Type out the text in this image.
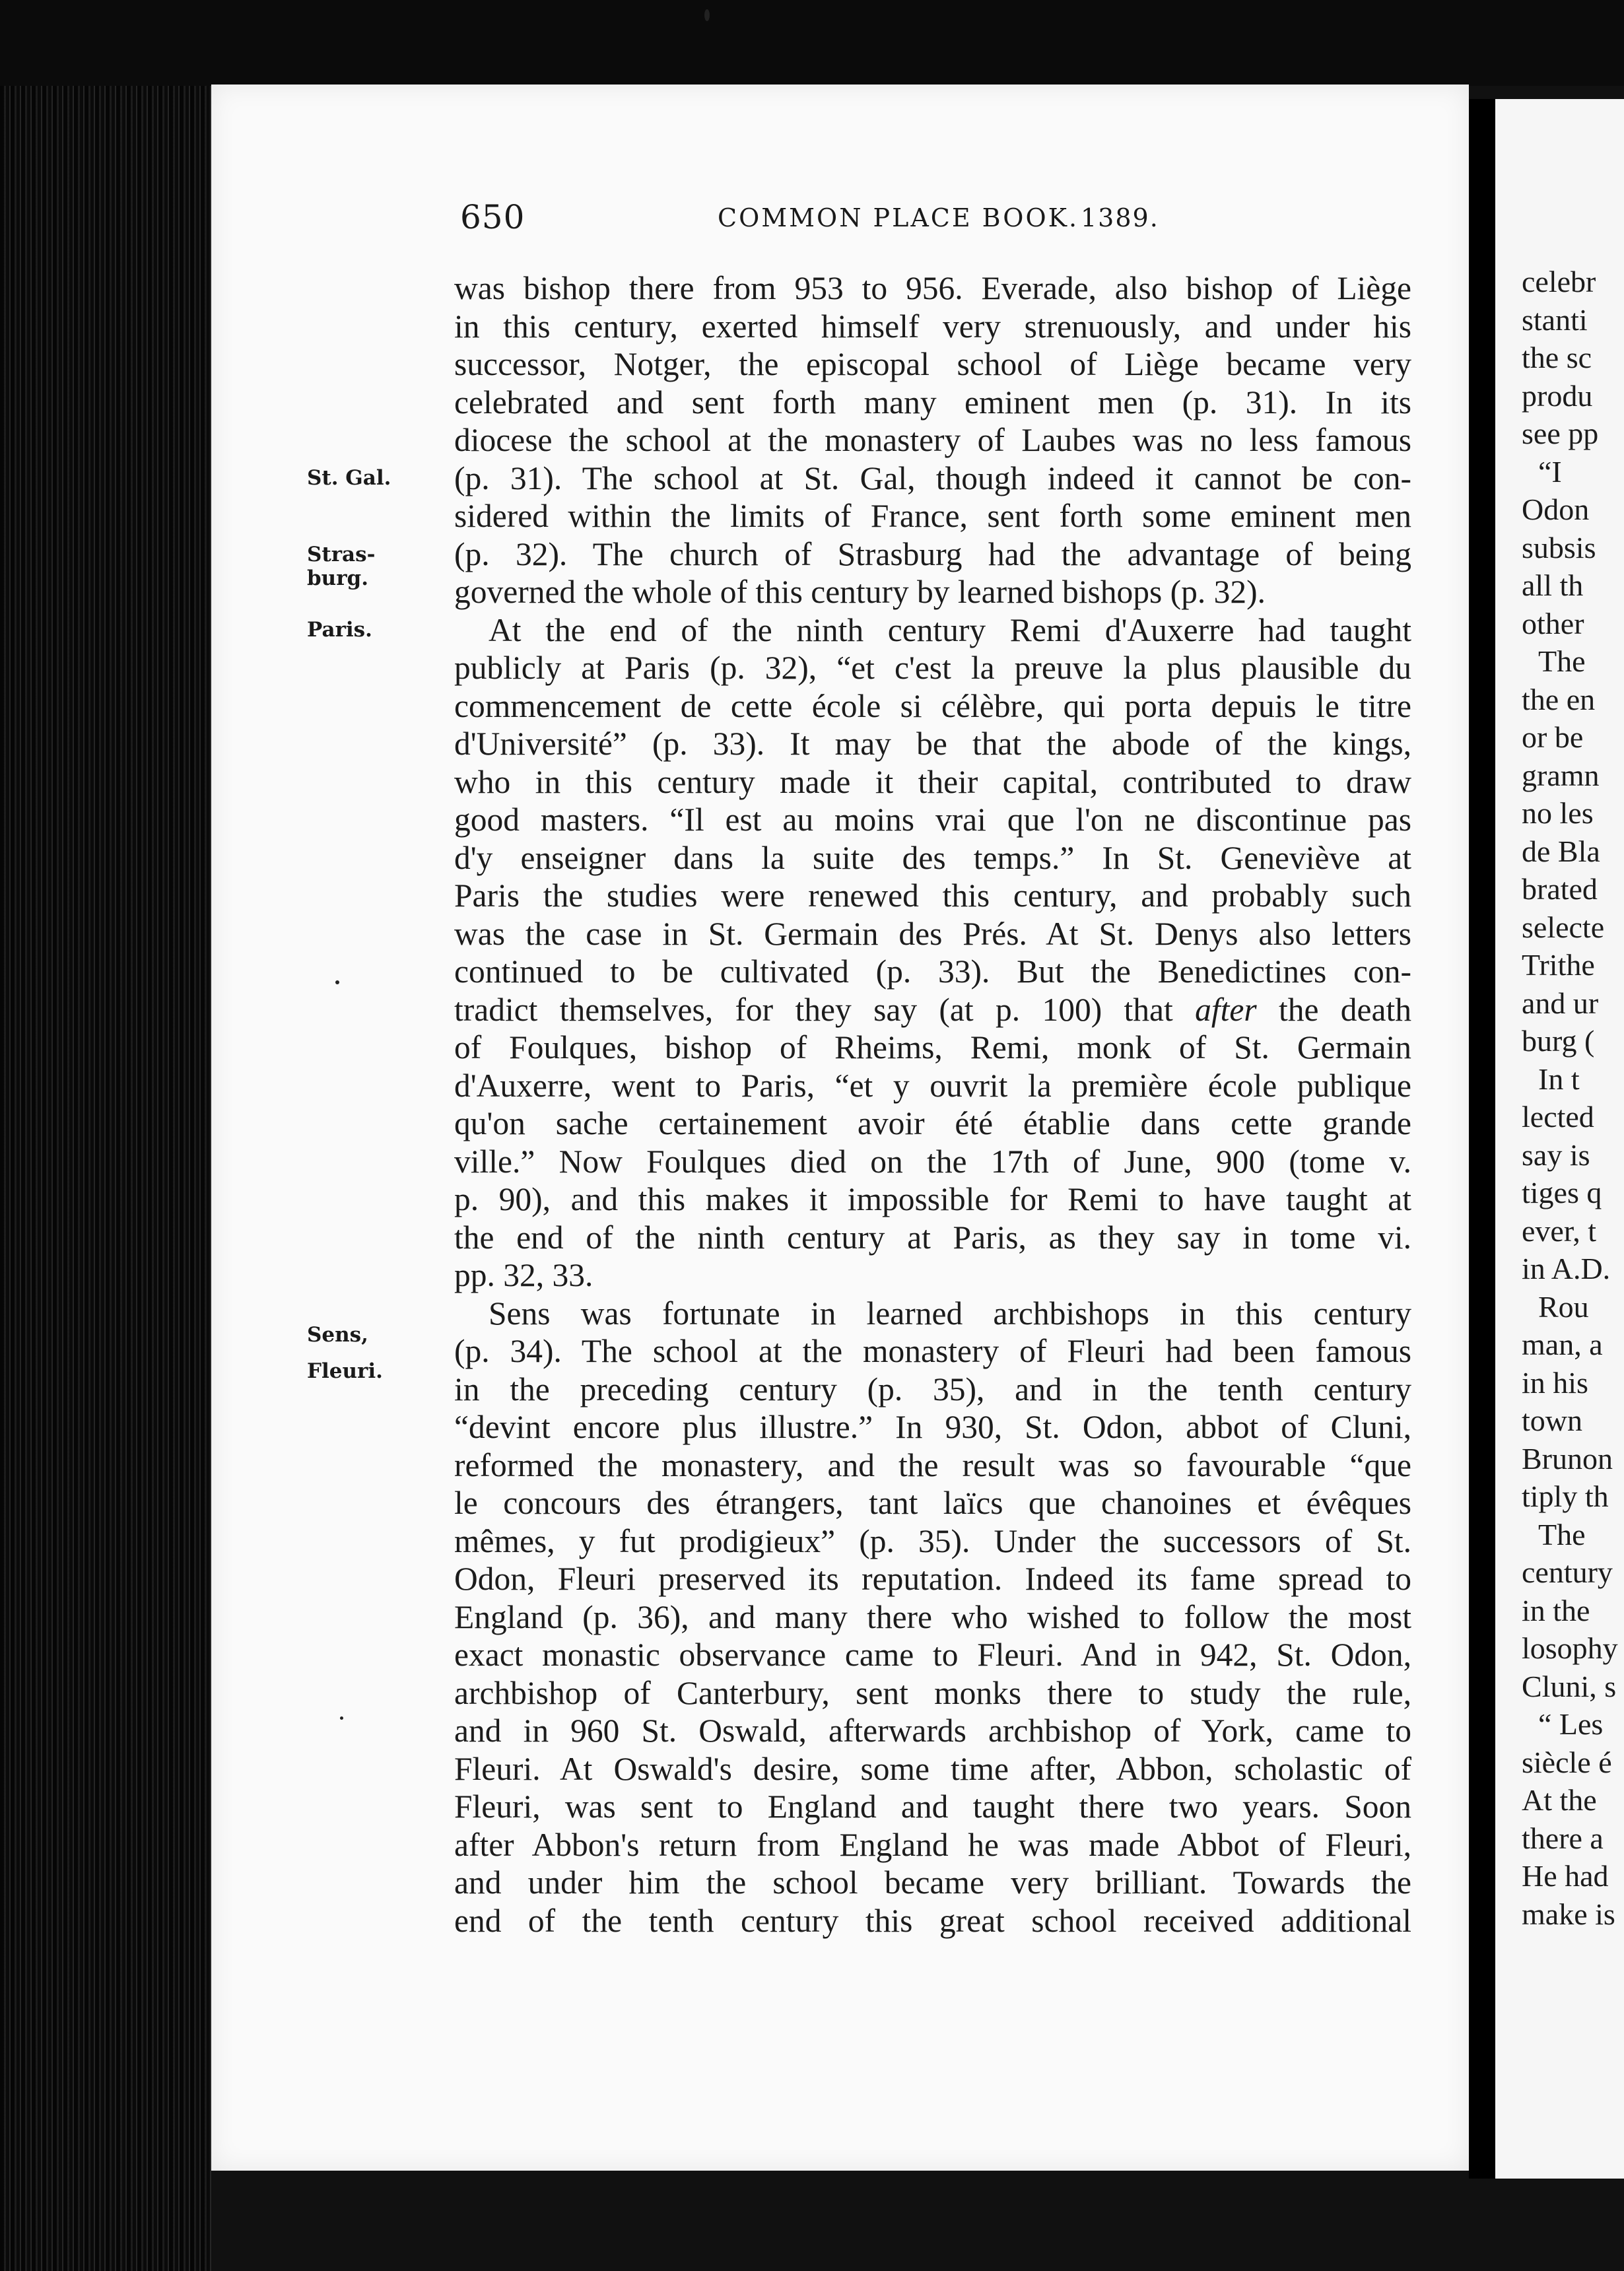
650	COMMON PLACE BOOK. 1389.
St. Gal.
Stras- burg.
Paris.
Sens, Fleuri.
was bishop there from 953 to 956. Everade, also bishop of Liège
in this century, exerted himself very strenuously, and under his
successor, Notger, the episcopal school of Liège became very
celebrated and sent forth many eminent men (p. 31). In its
diocese the school at the monastery of Laubes was no less famous
(p. 31). The school at St. Gal, though indeed it cannot be con-
sidered within the limits of France, sent forth some eminent men
(p. 32). The church of Strasburg had the advantage of being
governed the whole of this century by learned bishops (p. 32).
At the end of the ninth century Remi d'Auxerre had taught
publicly at Paris (p. 32), “et c'est la preuve la plus plausible du
commencement de cette école si célèbre, qui porta depuis le titre
d'Université” (p. 33). It may be that the abode of the kings,
who in this century made it their capital, contributed to draw
good masters. “Il est au moins vrai que l'on ne discontinue pas
d'y enseigner dans la suite des temps.” In St. Geneviève at
Paris the studies were renewed this century, and probably such
was the case in St. Germain des Prés. At St. Denys also letters
continued to be cultivated (p. 33). But the Benedictines con-
tradict themselves, for they say (at p. 100) that after the death
of Foulques, bishop of Rheims, Remi, monk of St. Germain
d'Auxerre, went to Paris, “et y ouvrit la première école publique
qu'on sache certainement avoir été établie dans cette grande
ville.” Now Foulques died on the 17th of June, 900 (tome v.
p. 90), and this makes it impossible for Remi to have taught at
the end of the ninth century at Paris, as they say in tome vi.
pp. 32, 33.
Sens was fortunate in learned archbishops in this century
(p. 34). The school at the monastery of Fleuri had been famous
in the preceding century (p. 35), and in the tenth century
“devint encore plus illustre.” In 930, St. Odon, abbot of Cluni,
reformed the monastery, and the result was so favourable “que
le concours des étrangers, tant laïcs que chanoines et évêques
mêmes, y fut prodigieux” (p. 35). Under the successors of St.
Odon, Fleuri preserved its reputation. Indeed its fame spread to
England (p. 36), and many there who wished to follow the most
exact monastic observance came to Fleuri. And in 942, St. Odon,
archbishop of Canterbury, sent monks there to study the rule,
and in 960 St. Oswald, afterwards archbishop of York, came to
Fleuri. At Oswald's desire, some time after, Abbon, scholastic of
Fleuri, was sent to England and taught there two years. Soon
after Abbon's return from England he was made Abbot of Fleuri,
and under him the school became very brilliant. Towards the
end of the tenth century this great school received additional
celebr
stanti
the sc
produ
see pp
“I
Odon
subsis
all th
other
The
the en
or be
gramn
no les
de Bla
brated
selecte
Trithe
and ur
burg (
In t
lected
say is
tiges q
ever, t
in A.D.
Rou
man, a
in his
town
Brunon
tiply th
The
century
in the
losophy
Cluni, s
“ Les
siècle é
At the
there a
He had
make is
